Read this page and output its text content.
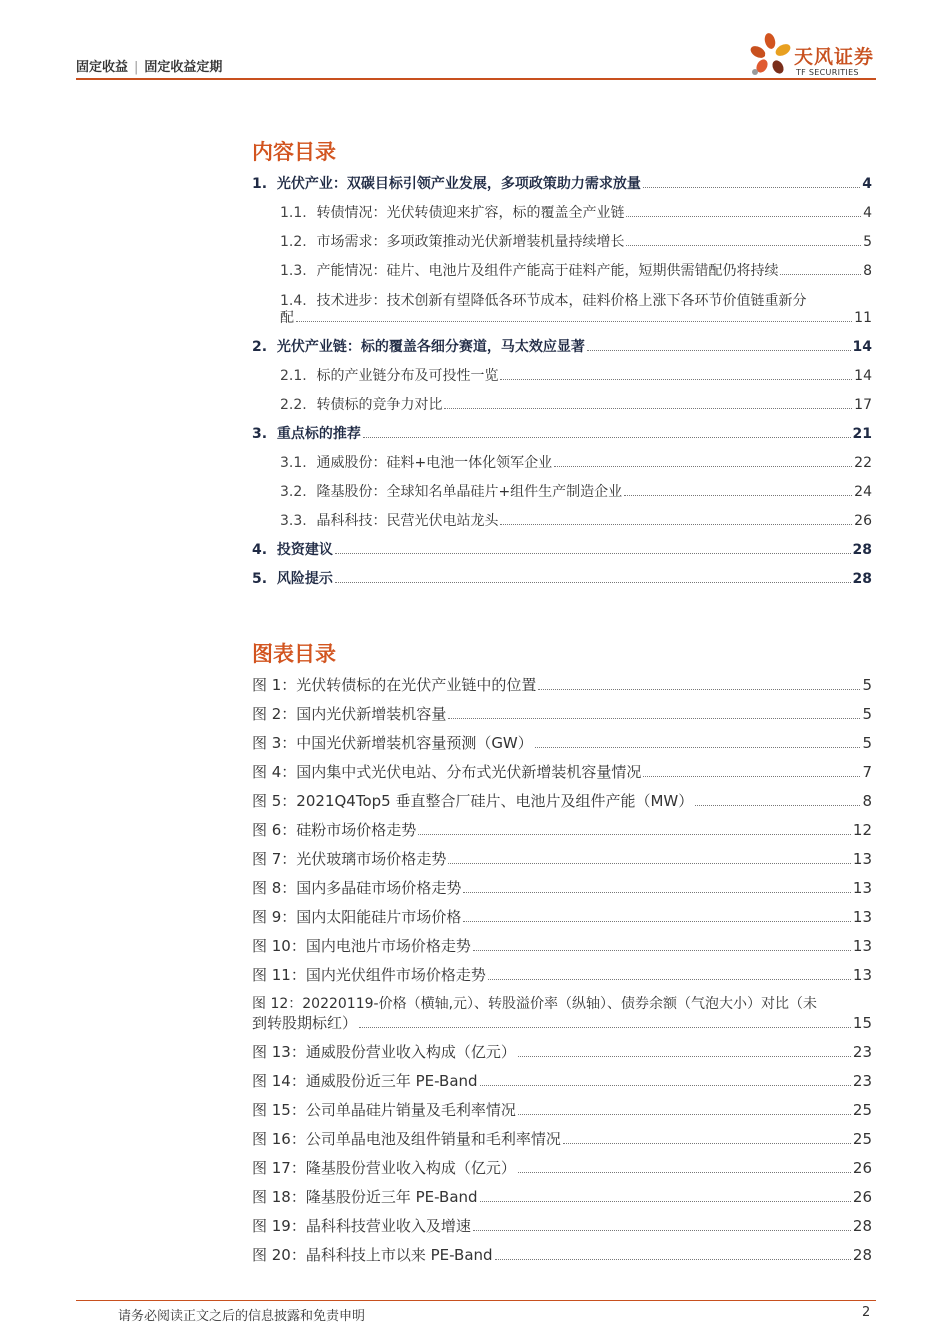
固定收益 | 固定收益定期	天风证券
TF SECURITIES
内容目录
1. 光伏产业：双碳目标引领产业发展，多项政策助力需求放量	4
1.1. 转债情况：光伏转债迎来扩容，标的覆盖全产业链	4
1.2. 市场需求：多项政策推动光伏新增装机量持续增长	5
1.3. 产能情况：硅片、电池片及组件产能高于硅料产能，短期供需错配仍将持续	8
1.4. 技术进步：技术创新有望降低各环节成本，硅料价格上涨下各环节价值链重新分
配	11
2. 光伏产业链：标的覆盖各细分赛道，马太效应显著	14
2.1. 标的产业链分布及可投性一览	14
2.2. 转债标的竞争力对比	17
3. 重点标的推荐	21
3.1. 通威股份：硅料+电池一体化领军企业	22
3.2. 隆基股份：全球知名单晶硅片+组件生产制造企业	24
3.3. 晶科科技：民营光伏电站龙头	26
4. 投资建议	28
5. 风险提示	28
图表目录
图 1：光伏转债标的在光伏产业链中的位置	5
图 2：国内光伏新增装机容量	5
图 3：中国光伏新增装机容量预测（GW）	5
图 4：国内集中式光伏电站、分布式光伏新增装机容量情况	7
图 5：2021Q4Top5 垂直整合厂硅片、电池片及组件产能（MW）	8
图 6：硅粉市场价格走势	12
图 7：光伏玻璃市场价格走势	13
图 8：国内多晶硅市场价格走势	13
图 9：国内太阳能硅片市场价格	13
图 10：国内电池片市场价格走势	13
图 11：国内光伏组件市场价格走势	13
图 12：20220119-价格（横轴,元）、转股溢价率（纵轴）、债券余额（气泡大小）对比（未
到转股期标红）	15
图 13：通威股份营业收入构成（亿元）	23
图 14：通威股份近三年 PE-Band	23
图 15：公司单晶硅片销量及毛利率情况	25
图 16：公司单晶电池及组件销量和毛利率情况	25
图 17：隆基股份营业收入构成（亿元）	26
图 18：隆基股份近三年 PE-Band	26
图 19：晶科科技营业收入及增速	28
图 20：晶科科技上市以来 PE-Band	28
请务必阅读正文之后的信息披露和免责申明	2
